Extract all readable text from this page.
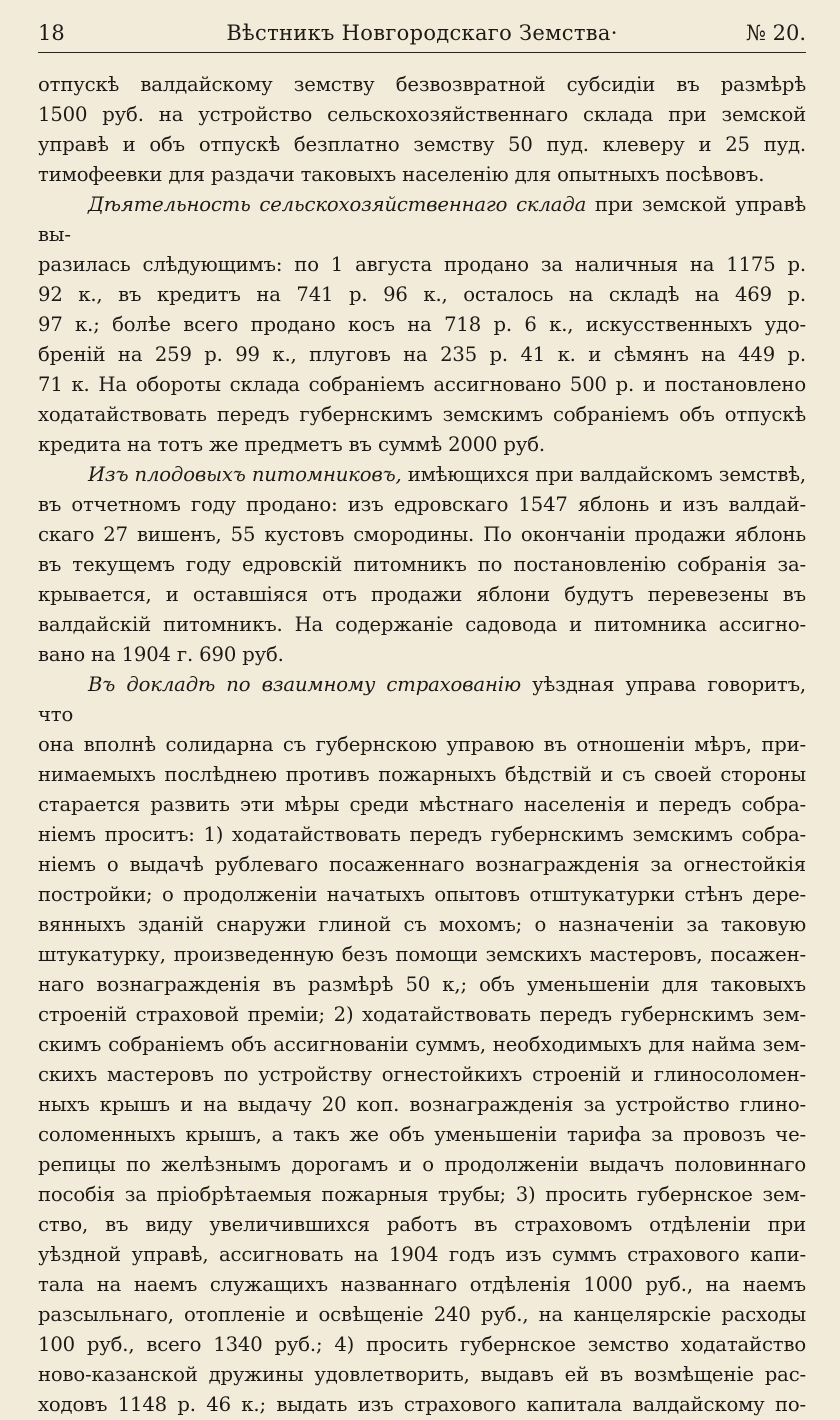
18	Вѣстникъ Новгородскаго Земства·	№ 20.

отпускѣ валдайскому земству безвозвратной субсидіи въ размѣрѣ

1500 руб. на устройство сельскохозяйственнаго склада при земской

управѣ и объ отпускѣ безплатно земству 50 пуд. клеверу и 25 пуд.

тимофеевки для раздачи таковыхъ населенію для опытныхъ посѣвовъ.

Дѣятельность сельскохозяйственнаго склада при земской управѣ вы-

разилась слѣдующимъ: по 1 августа продано за наличныя на 1175 р.

92 к., въ кредитъ на 741 р. 96 к., осталось на складѣ на 469 р.

97 к.; болѣе всего продано косъ на 718 р. 6 к., искусственныхъ удо-

бреній на 259 р. 99 к., плуговъ на 235 р. 41 к. и сѣмянъ на 449 р.

71 к. На обороты склада собраніемъ ассигновано 500 р. и постановлено

ходатайствовать передъ губернскимъ земскимъ собраніемъ объ отпускѣ

кредита на тотъ же предметъ въ суммѣ 2000 руб.

Изъ плодовыхъ питомниковъ, имѣющихся при валдайскомъ земствѣ,

въ отчетномъ году продано: изъ едровскаго 1547 яблонь и изъ валдай-

скаго 27 вишенъ, 55 кустовъ смородины. По окончаніи продажи яблонь

въ текущемъ году едровскій питомникъ по постановленію собранія за-

крывается, и оставшіяся отъ продажи яблони будутъ перевезены въ

валдайскій питомникъ. На содержаніе садовода и питомника ассигно-

вано на 1904 г. 690 руб.

Въ докладѣ по взаимному страхованію уѣздная управа говоритъ, что

она вполнѣ солидарна съ губернскою управою въ отношеніи мѣръ, при-

нимаемыхъ послѣднею противъ пожарныхъ бѣдствій и съ своей стороны

старается развить эти мѣры среди мѣстнаго населенія и передъ собра-

ніемъ проситъ: 1) ходатайствовать передъ губернскимъ земскимъ собра-

ніемъ о выдачѣ рублеваго посаженнаго вознагражденія за огнестойкія

постройки; о продолженіи начатыхъ опытовъ отштукатурки стѣнъ дере-

вянныхъ зданій снаружи глиной съ мохомъ; о назначеніи за таковую

штукатурку, произведенную безъ помощи земскихъ мастеровъ, посажен-

наго вознагражденія въ размѣрѣ 50 к,; объ уменьшеніи для таковыхъ

строеній страховой преміи; 2) ходатайствовать передъ губернскимъ зем-

скимъ собраніемъ объ ассигнованіи суммъ, необходимыхъ для найма зем-

скихъ мастеровъ по устройству огнестойкихъ строеній и глиносоломен-

ныхъ крышъ и на выдачу 20 коп. вознагражденія за устройство глино-

соломенныхъ крышъ, а такъ же объ уменьшеніи тарифа за провозъ че-

репицы по желѣзнымъ дорогамъ и о продолженіи выдачъ половиннаго

пособія за пріобрѣтаемыя пожарныя трубы; 3) просить губернское зем-

ство, въ виду увеличившихся работъ въ страховомъ отдѣленіи при

уѣздной управѣ, ассигновать на 1904 годъ изъ суммъ страхового капи-

тала на наемъ служащихъ названнаго отдѣленія 1000 руб., на наемъ

разсыльнаго, отопленіе и освѣщеніе 240 руб., на канцелярскіе расходы

100 руб., всего 1340 руб.; 4) просить губернское земство ходатайство

ново-казанской дружины удовлетворить, выдавъ ей въ возмѣщеніе рас-

ходовъ 1148 р. 46 к.; выдать изъ страхового капитала валдайскому по-
